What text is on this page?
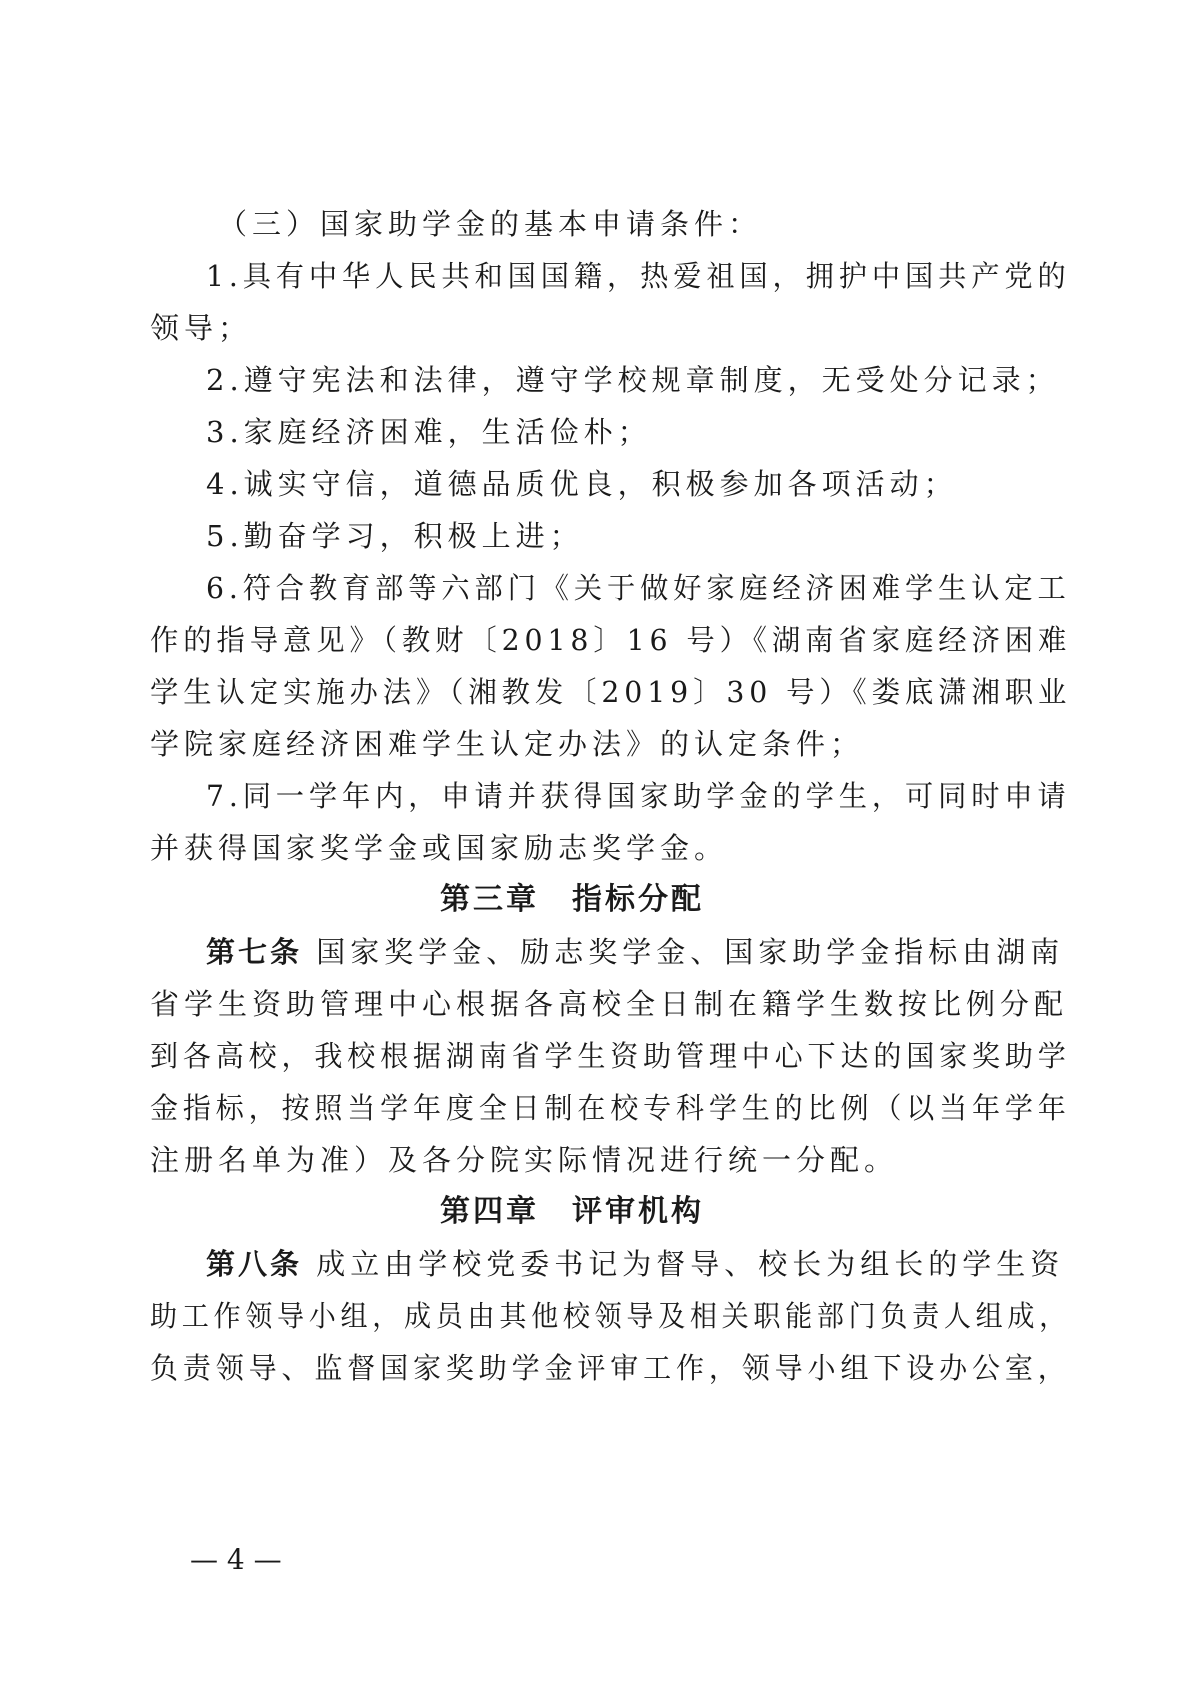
（三）国家助学金的基本申请条件：
1.具有中华人民共和国国籍，热爱祖国，拥护中国共产党的
领导；
2.遵守宪法和法律，遵守学校规章制度，无受处分记录；
3.家庭经济困难，生活俭朴；
4.诚实守信，道德品质优良，积极参加各项活动；
5.勤奋学习，积极上进；
6.符合教育部等六部门《关于做好家庭经济困难学生认定工
作的指导意见》（教财〔2018〕16 号）《湖南省家庭经济困难
学生认定实施办法》（湘教发〔2019〕30 号）《娄底潇湘职业
学院家庭经济困难学生认定办法》的认定条件；
7.同一学年内，申请并获得国家助学金的学生，可同时申请
并获得国家奖学金或国家励志奖学金。
第三章　指标分配
第七条 国家奖学金、励志奖学金、国家助学金指标由湖南
省学生资助管理中心根据各高校全日制在籍学生数按比例分配
到各高校，我校根据湖南省学生资助管理中心下达的国家奖助学
金指标，按照当学年度全日制在校专科学生的比例（以当年学年
注册名单为准）及各分院实际情况进行统一分配。
第四章　评审机构
第八条 成立由学校党委书记为督导、校长为组长的学生资
助工作领导小组，成员由其他校领导及相关职能部门负责人组成，
负责领导、监督国家奖助学金评审工作，领导小组下设办公室，
— 4 —
